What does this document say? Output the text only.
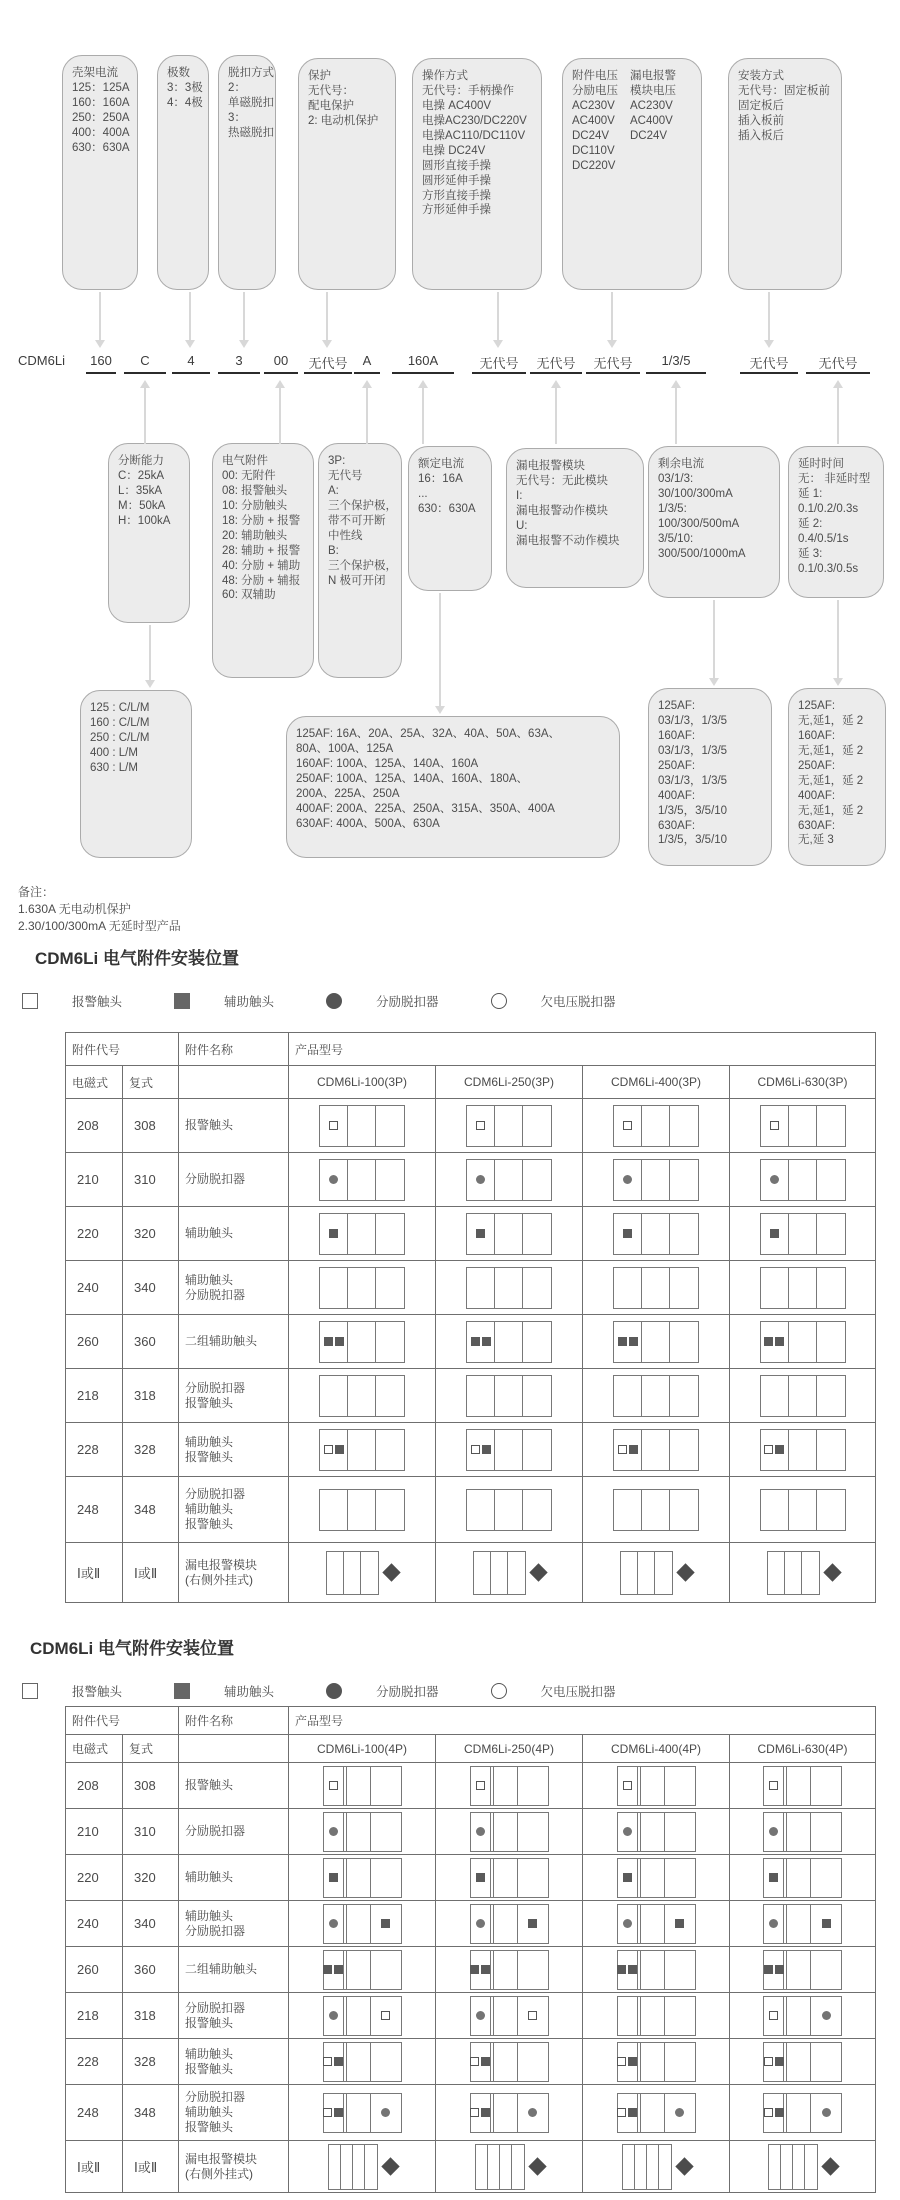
壳架电流
125：125A
160：160A
250：250A
400：400A
630：630A
极数
3：3极
4：4极
脱扣方式
2：
单磁脱扣
3：
热磁脱扣
保护
无代号：
配电保护
2: 电动机保护
操作方式
无代号：手柄操作
电操 AC400V
电操AC230/DC220V
电操AC110/DC110V
电操 DC24V
圆形直接手操
圆形延伸手操
方形直接手操
方形延伸手操
附件电压
分励电压
AC230V
AC400V
DC24V
DC110V
DC220V
漏电报警
模块电压
AC230V
AC400V
DC24V
安装方式
无代号：固定板前
固定板后
插入板前
插入板后
分断能力
C：25kA
L：35kA
M：50kA
H：100kA
电气附件
00: 无附件
08: 报警触头
10: 分励触头
18: 分励 + 报警
20: 辅助触头
28: 辅助 + 报警
40: 分励 + 辅助
48: 分励 + 辅报
60: 双辅助
3P:
无代号
A:
三个保护极，
带不可开断
中性线
B:
三个保护极，
N 极可开闭
额定电流
16：16A
...
630：630A
漏电报警模块
无代号：无此模块
I:
漏电报警动作模块
U:
漏电报警不动作模块
剩余电流
03/1/3:
30/100/300mA
1/3/5:
100/300/500mA
3/5/10:
300/500/1000mA
延时时间
无： 非延时型
延 1:
0.1/0.2/0.3s
延 2:
0.4/0.5/1s
延 3:
0.1/0.3/0.5s
125 : C/L/M
160 : C/L/M
250 : C/L/M
400 : L/M
630 : L/M
125AF: 16A、20A、25A、32A、40A、50A、63A、
80A、100A、125A
160AF: 100A、125A、140A、160A
250AF: 100A、125A、140A、160A、180A、
200A、225A、250A
400AF: 200A、225A、250A、315A、350A、400A
630AF: 400A、500A、630A
125AF:
03/1/3，1/3/5
160AF:
03/1/3，1/3/5
250AF:
03/1/3，1/3/5
400AF:
1/3/5，3/5/10
630AF:
1/3/5，3/5/10
125AF:
无,延1，延 2
160AF:
无,延1，延 2
250AF:
无,延1，延 2
400AF:
无,延1，延 2
630AF:
无,延 3
CDM6Li	160	C	4	3	00	无代号	A	160A	无代号	无代号	无代号	1/3/5	无代号	无代号
备注：
1.630A 无电动机保护
2.30/100/300mA 无延时型产品
CDM6Li 电气附件安装位置
报警触头	辅助触头	分励脱扣器	欠电压脱扣器
附件代号		附件名称	产品型号			
电磁式	复式		CDM6Li-100(3P)	CDM6Li-250(3P)	CDM6Li-400(3P)	CDM6Li-630(3P)
208	308	报警触头				

210	310	分励脱扣器				

220	320	辅助触头				

240	340	辅助触头
分励脱扣器				

260	360	二组辅助触头				

218	318	分励脱扣器
报警触头				

228	328	辅助触头
报警触头				

248	348	分励脱扣器
辅助触头
报警触头				

Ⅰ或Ⅱ	Ⅰ或Ⅱ	漏电报警模块
(右侧外挂式)				

CDM6Li 电气附件安装位置
报警触头	辅助触头	分励脱扣器	欠电压脱扣器
附件代号		附件名称	产品型号			
电磁式	复式		CDM6Li-100(4P)	CDM6Li-250(4P)	CDM6Li-400(4P)	CDM6Li-630(4P)
208	308	报警触头				

210	310	分励脱扣器				

220	320	辅助触头				

240	340	辅助触头
分励脱扣器				

260	360	二组辅助触头				

218	318	分励脱扣器
报警触头				

228	328	辅助触头
报警触头				

248	348	分励脱扣器
辅助触头
报警触头				

Ⅰ或Ⅱ	Ⅰ或Ⅱ	漏电报警模块
(右侧外挂式)				
